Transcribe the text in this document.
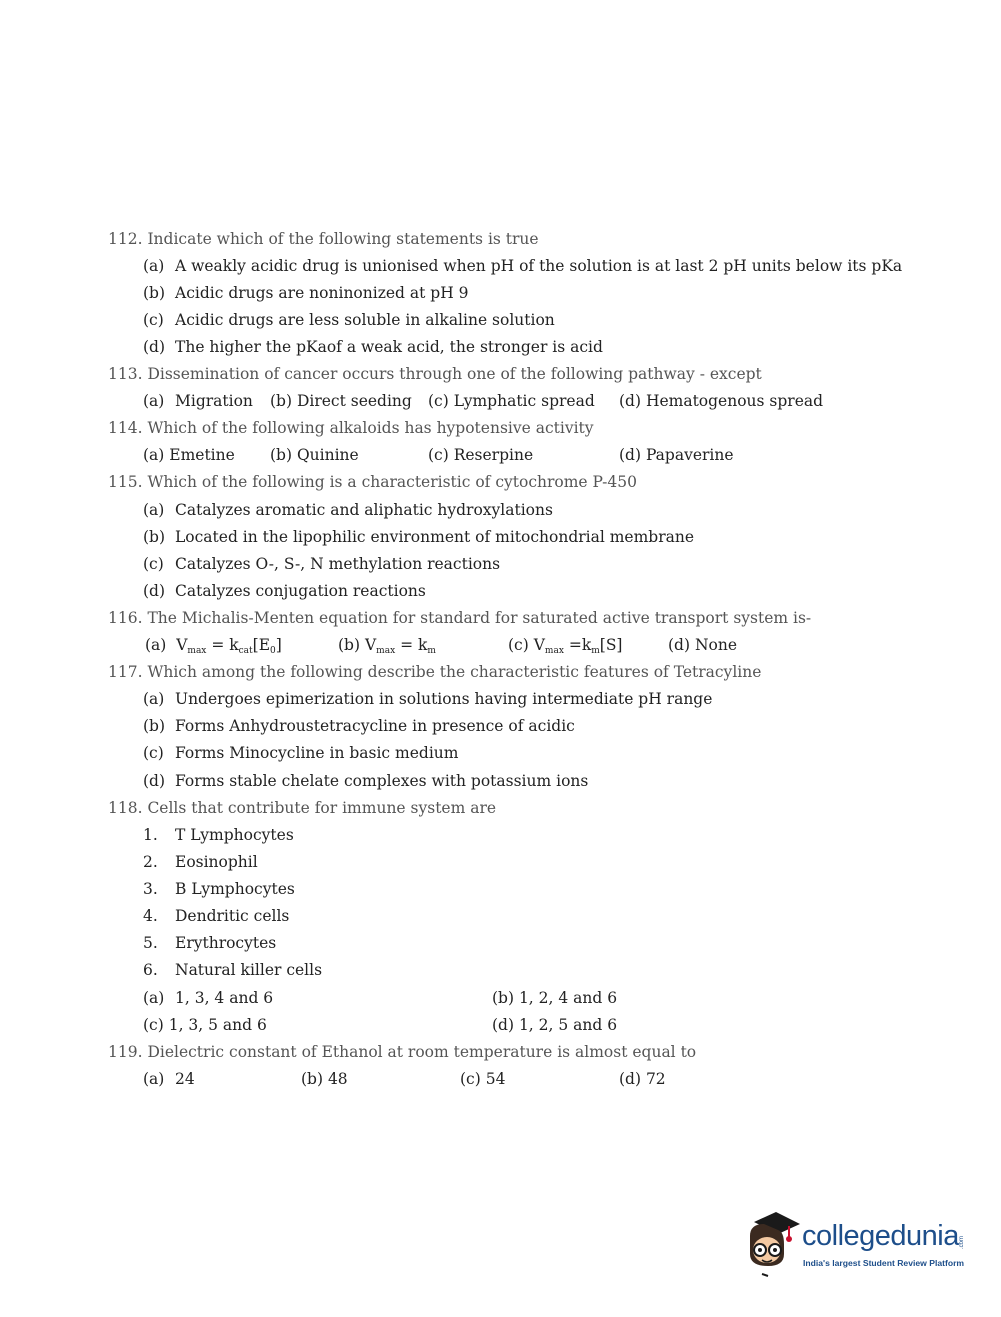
112. Indicate which of the following statements is true
(a) A weakly acidic drug is unionised when pH of the solution is at last 2 pH units below its pKa
(b) Acidic drugs are noninonized at pH 9
(c) Acidic drugs are less soluble in alkaline solution
(d) The higher the pKaof a weak acid, the stronger is acid
113. Dissemination of cancer occurs through one of the following pathway - except
(a) Migration (b) Direct seeding (c) Lymphatic spread (d) Hematogenous spread
114. Which of the following alkaloids has hypotensive activity
(a) Emetine (b) Quinine	(c) Reserpine	(d) Papaverine
115. Which of the following is a characteristic of cytochrome P-450
(a) Catalyzes aromatic and aliphatic hydroxylations
(b) Located in the lipophilic environment of mitochondrial membrane
(c) Catalyzes O-, S-, N methylation reactions
(d) Catalyzes conjugation reactions
116. The Michalis-Menten equation for standard for saturated active transport system is-
(a) $V_{max} = k_{cat}[E_0]$	(b) $V_{max} = k_m$	(c) $V_{max} =k_m[S]$	(d) None
117. Which among the following describe the characteristic features of Tetracyline
(a) Undergoes epimerization in solutions having intermediate pH range
(b) Forms Anhydroustetracycline in presence of acidic
(c) Forms Minocycline in basic medium
(d) Forms stable chelate complexes with potassium ions
118. Cells that contribute for immune system are
1. T Lymphocytes
2. Eosinophil
3. B Lymphocytes
4. Dendritic cells
5. Erythrocytes
6. Natural killer cells
(a) 1, 3, 4 and 6	(b) 1, 2, 4 and 6
(c) 1, 3, 5 and 6	(d) 1, 2, 5 and 6
119. Dielectric constant of Ethanol at room temperature is almost equal to
(a) 24	(b) 48	(c) 54	(d) 72
collegedunia .com
India's largest Student Review Platform
